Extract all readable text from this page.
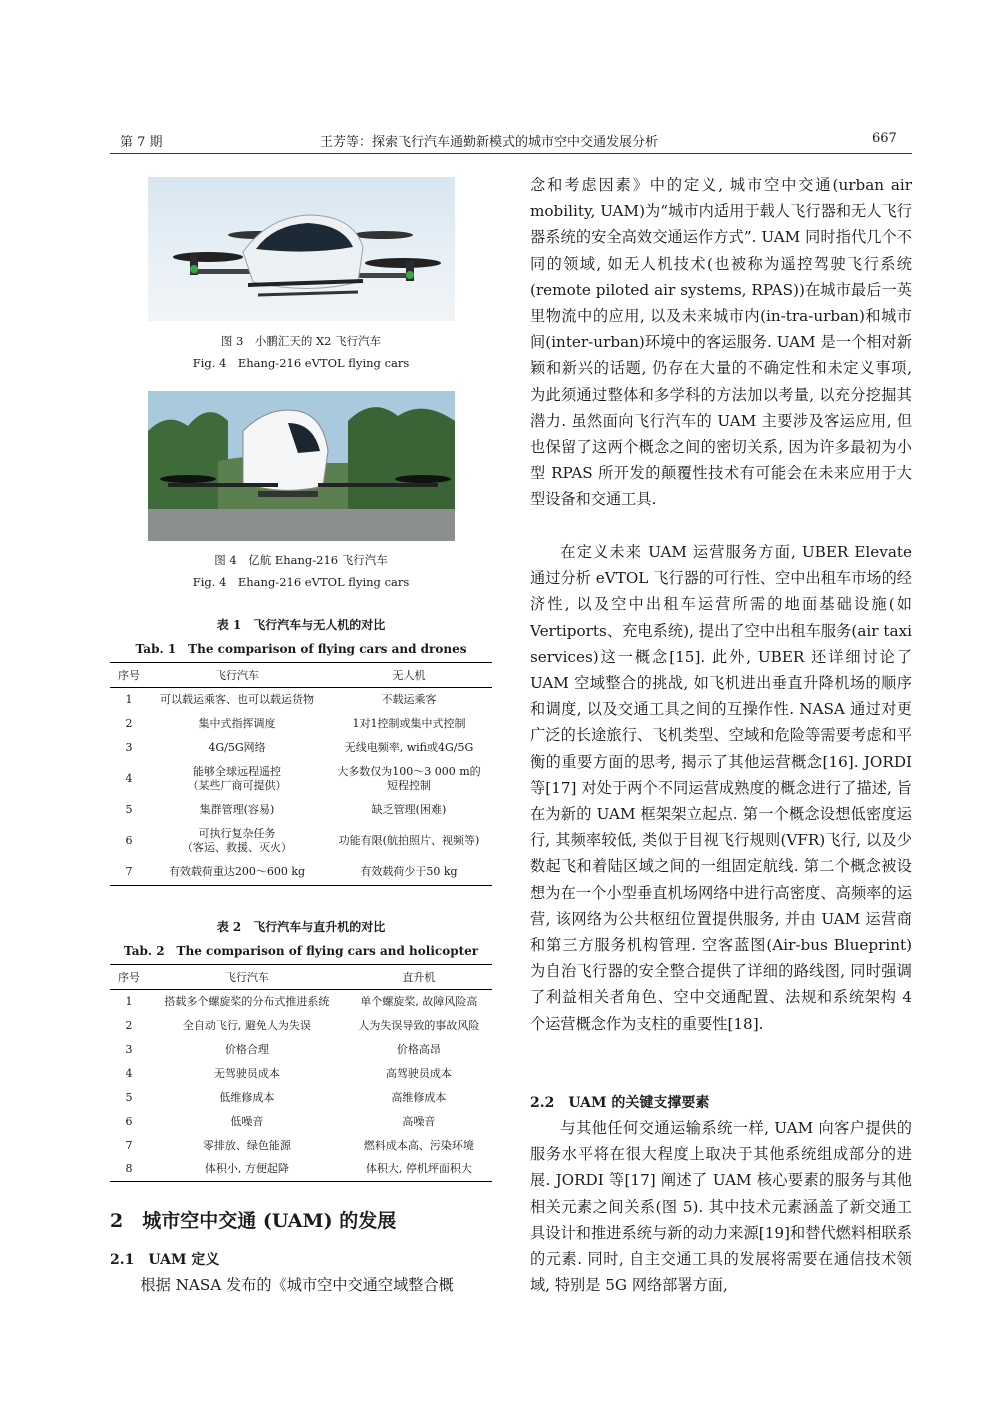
第 7 期	王芳等：探索飞行汽车通勤新模式的城市空中交通发展分析	667
图 3　小鹏汇天的 X2 飞行汽车
Fig. 4　Ehang-216 eVTOL flying cars
图 4　亿航 Ehang-216 飞行汽车
Fig. 4　Ehang-216 eVTOL flying cars
表 1　飞行汽车与无人机的对比
Tab. 1　The comparison of flying cars and drones
序号	飞行汽车	无人机
1	可以载运乘客、也可以载运货物	不载运乘客
2	集中式指挥调度	1对1控制或集中式控制
3	4G/5G网络	无线电频率, wifi或4G/5G
4	能够全球远程遥控
（某些厂商可提供）	大多数仅为100～3 000 m的
短程控制
5	集群管理(容易)	缺乏管理(困难)
6	可执行复杂任务
（客运、救援、灭火）	功能有限(航拍照片、视频等)
7	有效载荷重达200～600 kg	有效载荷少于50 kg
表 2　飞行汽车与直升机的对比
Tab. 2　The comparison of flying cars and holicopter
序号	飞行汽车	直升机
1	搭载多个螺旋桨的分布式推进系统	单个螺旋桨, 故障风险高
2	全自动飞行, 避免人为失误	人为失误导致的事故风险
3	价格合理	价格高昂
4	无驾驶员成本	高驾驶员成本
5	低维修成本	高维修成本
6	低噪音	高噪音
7	零排放、绿色能源	燃料成本高、污染环境
8	体积小, 方便起降	体积大, 停机坪面积大
2　城市空中交通 (UAM) 的发展
2.1　UAM 定义
根据 NASA 发布的《城市空中交通空域整合概
念和考虑因素》中的定义, 城市空中交通(urban air mobility, UAM)为“城市内适用于载人飞行器和无人飞行器系统的安全高效交通运作方式”. UAM 同时指代几个不同的领域, 如无人机技术(也被称为遥控驾驶飞行系统(remote piloted air systems, RPAS))在城市最后一英里物流中的应用, 以及未来城市内(in-tra-urban)和城市间(inter-urban)环境中的客运服务. UAM 是一个相对新颖和新兴的话题, 仍存在大量的不确定性和未定义事项, 为此须通过整体和多学科的方法加以考量, 以充分挖掘其潜力. 虽然面向飞行汽车的 UAM 主要涉及客运应用, 但也保留了这两个概念之间的密切关系, 因为许多最初为小型 RPAS 所开发的颠覆性技术有可能会在未来应用于大型设备和交通工具.
在定义未来 UAM 运营服务方面, UBER Elevate 通过分析 eVTOL 飞行器的可行性、空中出租车市场的经济性, 以及空中出租车运营所需的地面基础设施(如 Vertiports、充电系统), 提出了空中出租车服务(air taxi services)这一概念[15]. 此外, UBER 还详细讨论了 UAM 空域整合的挑战, 如飞机进出垂直升降机场的顺序和调度, 以及交通工具之间的互操作性. NASA 通过对更广泛的长途旅行、飞机类型、空域和危险等需要考虑和平衡的重要方面的思考, 揭示了其他运营概念[16]. JORDI 等[17] 对处于两个不同运营成熟度的概念进行了描述, 旨在为新的 UAM 框架架立起点. 第一个概念设想低密度运行, 其频率较低, 类似于目视飞行规则(VFR)飞行, 以及少数起飞和着陆区域之间的一组固定航线. 第二个概念被设想为在一个小型垂直机场网络中进行高密度、高频率的运营, 该网络为公共枢纽位置提供服务, 并由 UAM 运营商和第三方服务机构管理. 空客蓝图(Air-bus Blueprint)为自治飞行器的安全整合提供了详细的路线图, 同时强调了利益相关者角色、空中交通配置、法规和系统架构 4 个运营概念作为支柱的重要性[18].
2.2　UAM 的关键支撑要素
与其他任何交通运输系统一样, UAM 向客户提供的服务水平将在很大程度上取决于其他系统组成部分的进展. JORDI 等[17] 阐述了 UAM 核心要素的服务与其他相关元素之间关系(图 5). 其中技术元素涵盖了新交通工具设计和推进系统与新的动力来源[19]和替代燃料相联系的元素. 同时, 自主交通工具的发展将需要在通信技术领域, 特别是 5G 网络部署方面,
